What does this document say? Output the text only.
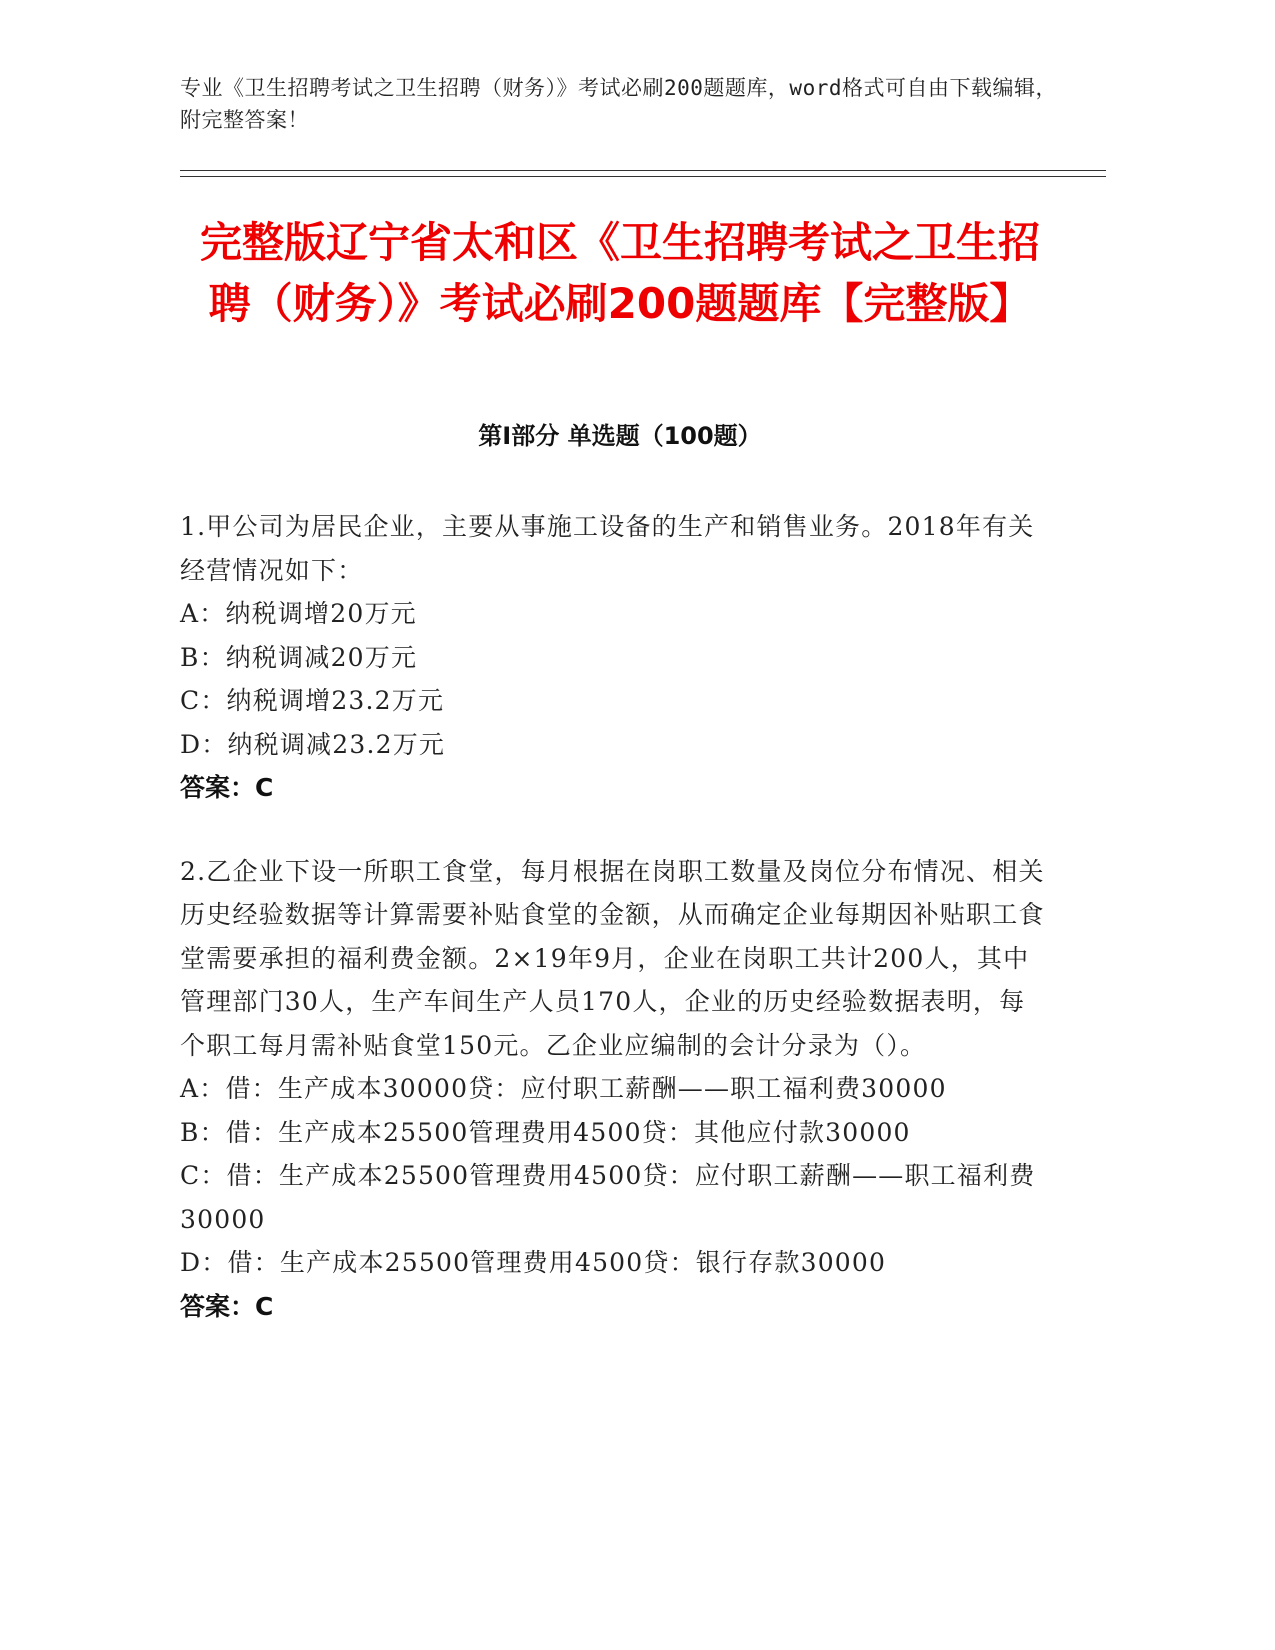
专业《卫生招聘考试之卫生招聘（财务）》考试必刷200题题库，word格式可自由下载编辑，附完整答案！
完整版辽宁省太和区《卫生招聘考试之卫生招聘（财务）》考试必刷200题题库【完整版】
第I部分 单选题（100题）
1.甲公司为居民企业，主要从事施工设备的生产和销售业务。2018年有关经营情况如下：
A：纳税调增20万元
B：纳税调减20万元
C：纳税调增23.2万元
D：纳税调减23.2万元
答案：C
2.乙企业下设一所职工食堂，每月根据在岗职工数量及岗位分布情况、相关历史经验数据等计算需要补贴食堂的金额，从而确定企业每期因补贴职工食堂需要承担的福利费金额。2×19年9月，企业在岗职工共计200人，其中管理部门30人，生产车间生产人员170人，企业的历史经验数据表明，每个职工每月需补贴食堂150元。乙企业应编制的会计分录为（）。
A：借：生产成本30000贷：应付职工薪酬——职工福利费30000
B：借：生产成本25500管理费用4500贷：其他应付款30000
C：借：生产成本25500管理费用4500贷：应付职工薪酬——职工福利费30000
D：借：生产成本25500管理费用4500贷：银行存款30000
答案：C
